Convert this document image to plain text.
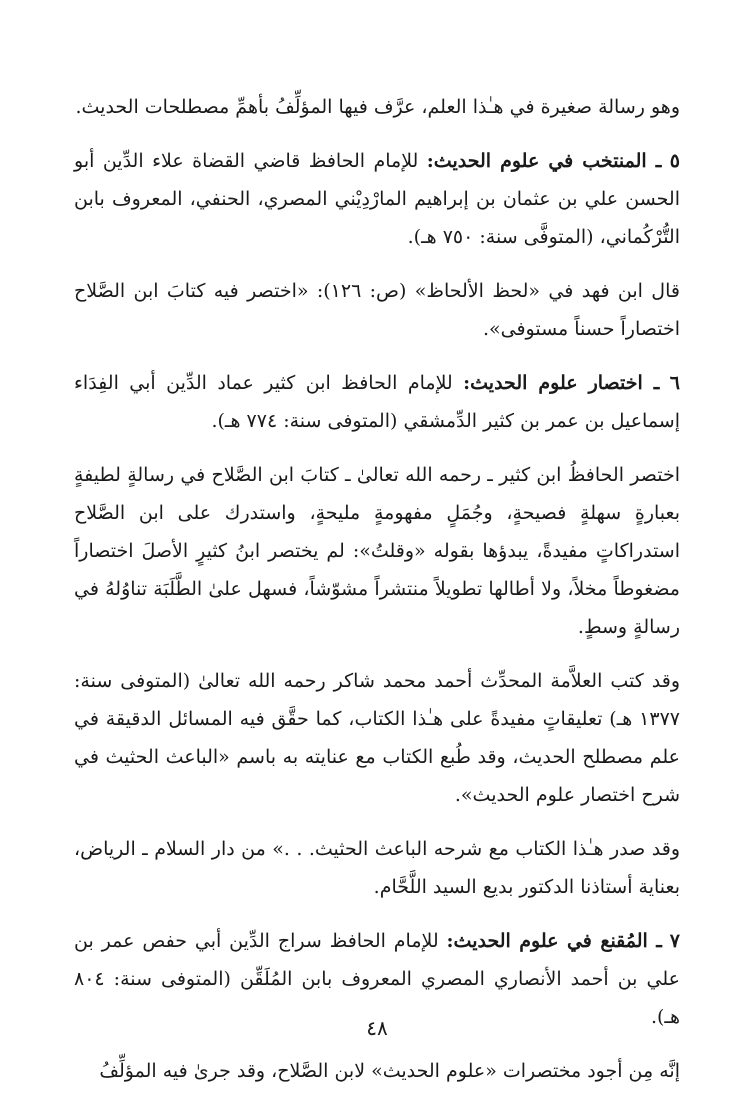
وهو رسالة صغيرة في هـٰذا العلم، عرَّف فيها المؤلِّفُ بأهمِّ مصطلحات الحديث.

٥ ـ المنتخب في علوم الحديث: للإمام الحافظ قاضي القضاة علاء الدِّين أبو الحسن علي بن عثمان بن إبراهيم المارْدِيْني المصري، الحنفي، المعروف بابن التُّرْكُماني، (المتوفَّى سنة: ٧٥٠ هـ).

قال ابن فهد في «لحظ الألحاظ» (ص: ١٢٦): «اختصر فيه كتابَ ابن الصَّلاح اختصاراً حسناً مستوفى».

٦ ـ اختصار علوم الحديث: للإمام الحافظ ابن كثير عماد الدِّين أبي الفِدَاء إسماعيل بن عمر بن كثير الدِّمشقي (المتوفى سنة: ٧٧٤ هـ).

اختصر الحافظُ ابن كثير ـ رحمه الله تعالىٰ ـ كتابَ ابن الصَّلاح في رسالةٍ لطيفةٍ بعبارةٍ سهلةٍ فصيحةٍ، وجُمَلٍ مفهومةٍ مليحةٍ، واستدرك على ابن الصَّلاح استدراكاتٍ مفيدةً، يبدؤها بقوله «وقلتُ»: لم يختصر ابنُ كثيرٍ الأصلَ اختصاراً مضغوطاً مخلاً، ولا أطالها تطويلاً منتشراً مشوّشاً، فسهل علىٰ الطَّلَبَة تناوُلهُ في رسالةٍ وسطٍ.

وقد كتب العلاَّمة المحدِّث أحمد محمد شاكر رحمه الله تعالىٰ (المتوفى سنة: ١٣٧٧ هـ) تعليقاتٍ مفيدةً على هـٰذا الكتاب، كما حقَّق فيه المسائل الدقيقة في علم مصطلح الحديث، وقد طُبع الكتاب مع عنايته به باسم «الباعث الحثيث في شرح اختصار علوم الحديث».

وقد صدر هـٰذا الكتاب مع شرحه الباعث الحثيث. . .» من دار السلام ـ الرياض، بعناية أستاذنا الدكتور بديع السيد اللَّحَّام.

٧ ـ المُقنع في علوم الحديث: للإمام الحافظ سراج الدِّين أبي حفص عمر بن علي بن أحمد الأنصاري المصري المعروف بابن المُلَقِّن (المتوفى سنة: ٨٠٤ هـ).

إنَّه مِن أجود مختصرات «علوم الحديث» لابن الصَّلاح، وقد جرىٰ فيه المؤلِّفُ

٤٨
